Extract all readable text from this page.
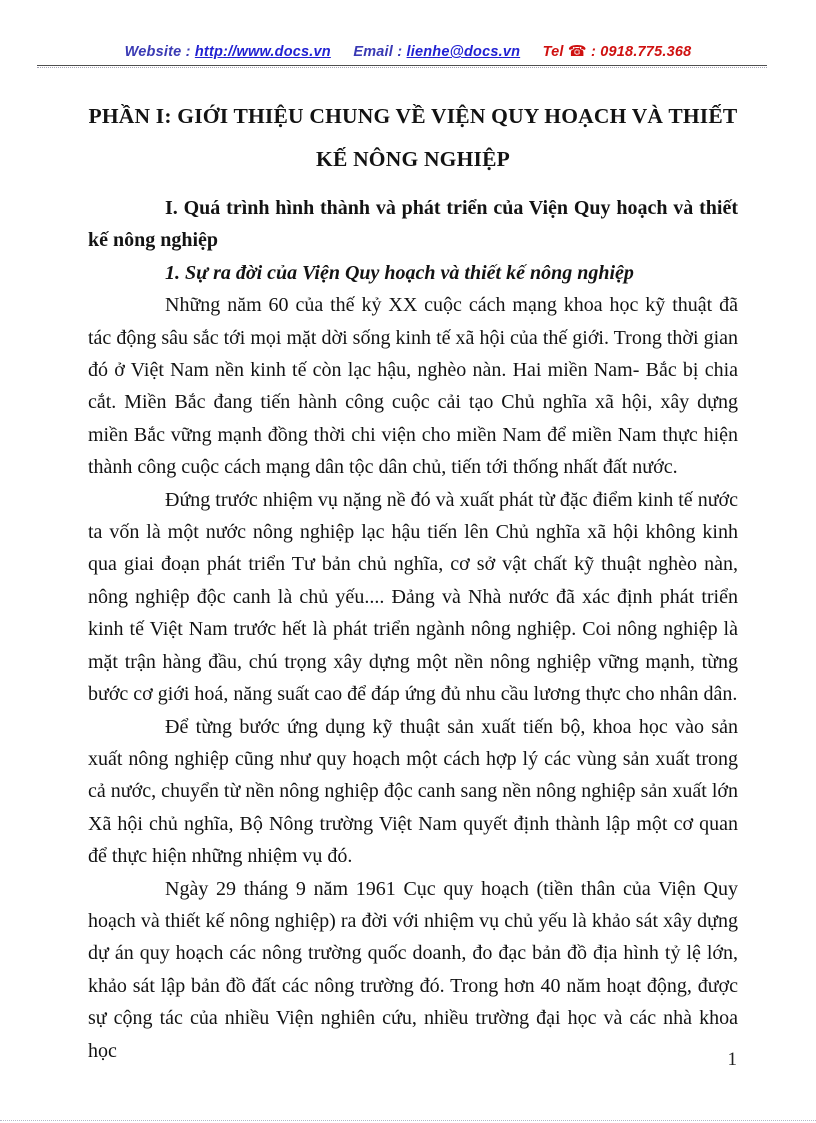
Website : http://www.docs.vn Email : lienhe@docs.vn Tel ☎ : 0918.775.368
PHẦN I: GIỚI THIỆU CHUNG VỀ VIỆN QUY HOẠCH VÀ THIẾT KẾ NÔNG NGHIỆP

I. Quá trình hình thành và phát triển của Viện Quy hoạch và thiết kế nông nghiệp

1. Sự ra đời của Viện Quy hoạch và thiết kế nông nghiệp

Những năm 60 của thế kỷ XX cuộc cách mạng khoa học kỹ thuật đã tác động sâu sắc tới mọi mặt dời sống kinh tế xã hội của thế giới. Trong thời gian đó ở Việt Nam nền kinh tế còn lạc hậu, nghèo nàn. Hai miền Nam- Bắc bị chia cắt. Miền Bắc đang tiến hành công cuộc cải tạo Chủ nghĩa xã hội, xây dựng miền Bắc vững mạnh đồng thời chi viện cho miền Nam để miền Nam thực hiện thành công cuộc cách mạng dân tộc dân chủ, tiến tới thống nhất đất nước.

Đứng trước nhiệm vụ nặng nề đó và xuất phát từ đặc điểm kinh tế nước ta vốn là một nước nông nghiệp lạc hậu tiến lên Chủ nghĩa xã hội không kinh qua giai đoạn phát triển Tư bản chủ nghĩa, cơ sở vật chất kỹ thuật nghèo nàn, nông nghiệp độc canh là chủ yếu.... Đảng và Nhà nước đã xác định phát triển kinh tế Việt Nam trước hết là phát triển ngành nông nghiệp. Coi nông nghiệp là mặt trận hàng đầu, chú trọng xây dựng một nền nông nghiệp vững mạnh, từng bước cơ giới hoá, năng suất cao để đáp ứng đủ nhu cầu lương thực cho nhân dân.

Để từng bước ứng dụng kỹ thuật sản xuất tiến bộ, khoa học vào sản xuất nông nghiệp cũng như quy hoạch một cách hợp lý các vùng sản xuất trong cả nước, chuyển từ nền nông nghiệp độc canh sang nền nông nghiệp sản xuất lớn Xã hội chủ nghĩa, Bộ Nông trường Việt Nam quyết định thành lập một cơ quan để thực hiện những nhiệm vụ đó.

Ngày 29 tháng 9 năm 1961 Cục quy hoạch (tiền thân của Viện Quy hoạch và thiết kế nông nghiệp) ra đời với nhiệm vụ chủ yếu là khảo sát xây dựng dự án quy hoạch các nông trường quốc doanh, đo đạc bản đồ địa hình tỷ lệ lớn, khảo sát lập bản đồ đất các nông trường đó. Trong hơn 40 năm hoạt động, được sự cộng tác của nhiều Viện nghiên cứu, nhiều trường đại học và các nhà khoa học	1
